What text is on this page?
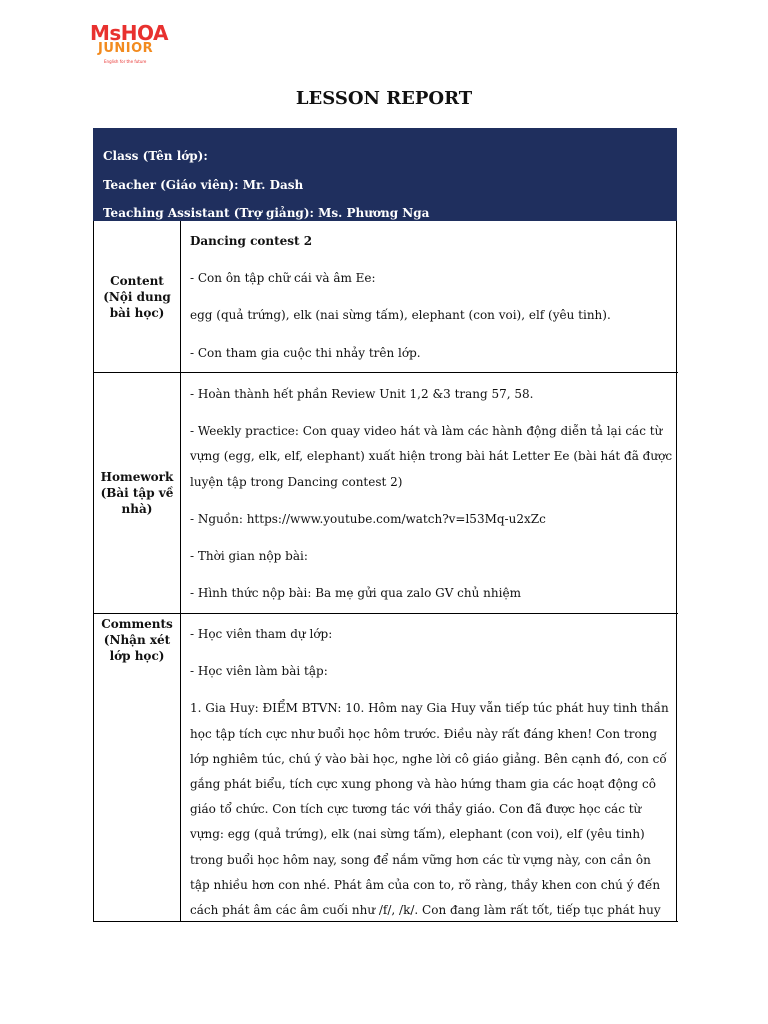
MsHOA
JUNIOR
English for the future
LESSON REPORT
Class (Tên lớp):
Teacher (Giáo viên): Mr. Dash
Teaching Assistant (Trợ giảng): Ms. Phương Nga
Content (Nội dung bài học)
Dancing contest 2
- Con ôn tập chữ cái và âm Ee:
egg (quả trứng), elk (nai sừng tấm), elephant (con voi), elf (yêu tinh).
- Con tham gia cuộc thi nhảy trên lớp.
Homework (Bài tập về nhà)
- Hoàn thành hết phần Review Unit 1,2 &3 trang 57, 58.
- Weekly practice: Con quay video hát và làm các hành động diễn tả lại các từ
vựng (egg, elk, elf, elephant) xuất hiện trong bài hát Letter Ee (bài hát đã được
luyện tập trong Dancing contest 2)
- Nguồn: https://www.youtube.com/watch?v=l53Mq-u2xZc
- Thời gian nộp bài:
- Hình thức nộp bài: Ba mẹ gửi qua zalo GV chủ nhiệm
Comments (Nhận xét lớp học)
- Học viên tham dự lớp:
- Học viên làm bài tập:
1. Gia Huy: ĐIỂM BTVN: 10. Hôm nay Gia Huy vẫn tiếp túc phát huy tinh thần
học tập tích cực như buổi học hôm trước. Điều này rất đáng khen! Con trong
lớp nghiêm túc, chú ý vào bài học, nghe lời cô giáo giảng. Bên cạnh đó, con cố
gắng phát biểu, tích cực xung phong và hào hứng tham gia các hoạt động cô
giáo tổ chức. Con tích cực tương tác với thầy giáo. Con đã được học các từ
vựng: egg (quả trứng), elk (nai sừng tấm), elephant (con voi), elf (yêu tinh)
trong buổi học hôm nay, song để nắm vững hơn các từ vựng này, con cần ôn
tập nhiều hơn con nhé. Phát âm của con to, rõ ràng, thầy khen con chú ý đến
cách phát âm các âm cuối như /f/, /k/. Con đang làm rất tốt, tiếp tục phát huy
